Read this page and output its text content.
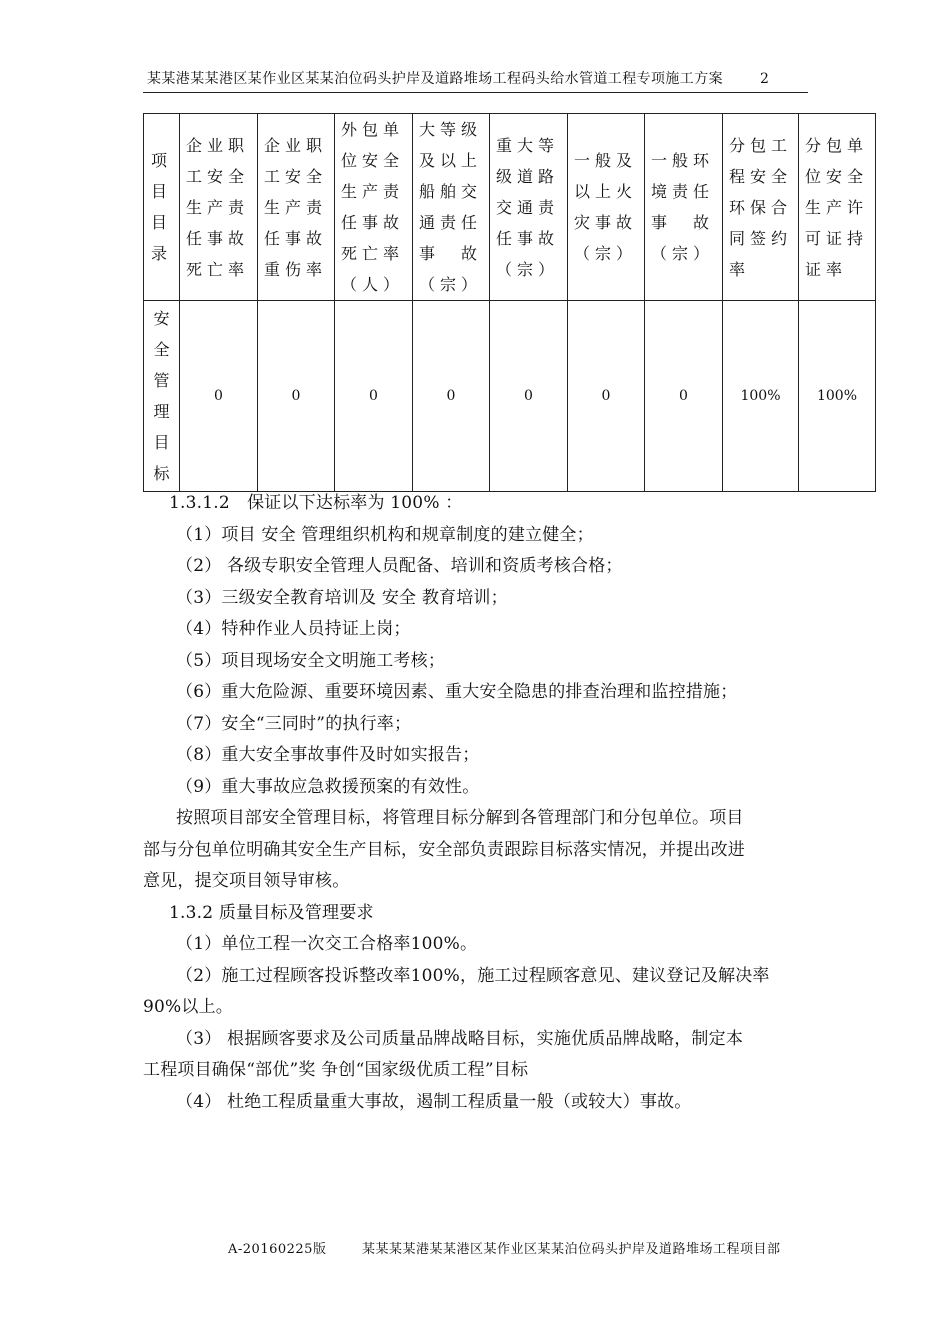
某某港某某港区某作业区某某泊位码头护岸及道路堆场工程码头给水管道工程专项施工方案	2
项目目录	企业职工安全生产责任事故死亡率	企业职工安全生产责任事故重伤率	外包单位安全生产责任事故死亡率（人）	大等级及以上船舶交通责任事　故（宗）	重大等级道路交通责任事故（宗）	一般及以上火灾事故（宗）	一般环境责任事　故（宗）	分包工程安全环保合同签约率	分包单位安全生产许可证持证率
安全管理目标	0	0	0	0	0	0	0	100%	100%
1.3.1.2　保证以下达标率为 100% ：
（1）项目 安全 管理组织机构和规章制度的建立健全；
（2） 各级专职安全管理人员配备、培训和资质考核合格；
（3）三级安全教育培训及 安全 教育培训；
（4）特种作业人员持证上岗；
（5）项目现场安全文明施工考核；
（6）重大危险源、重要环境因素、重大安全隐患的排查治理和监控措施；
（7）安全“三同时”的执行率；
（8）重大安全事故事件及时如实报告；
（9）重大事故应急救援预案的有效性。
按照项目部安全管理目标，将管理目标分解到各管理部门和分包单位。项目
部与分包单位明确其安全生产目标，安全部负责跟踪目标落实情况，并提出改进
意见，提交项目领导审核。
1.3.2 质量目标及管理要求
（1）单位工程一次交工合格率100%。
（2）施工过程顾客投诉整改率100%，施工过程顾客意见、建议登记及解决率
90%以上。
（3） 根据顾客要求及公司质量品牌战略目标，实施优质品牌战略，制定本
工程项目确保“部优”奖 争创“国家级优质工程”目标
（4） 杜绝工程质量重大事故，遏制工程质量一般（或较大）事故。
A-20160225版	某某某某港某某港区某作业区某某泊位码头护岸及道路堆场工程项目部
